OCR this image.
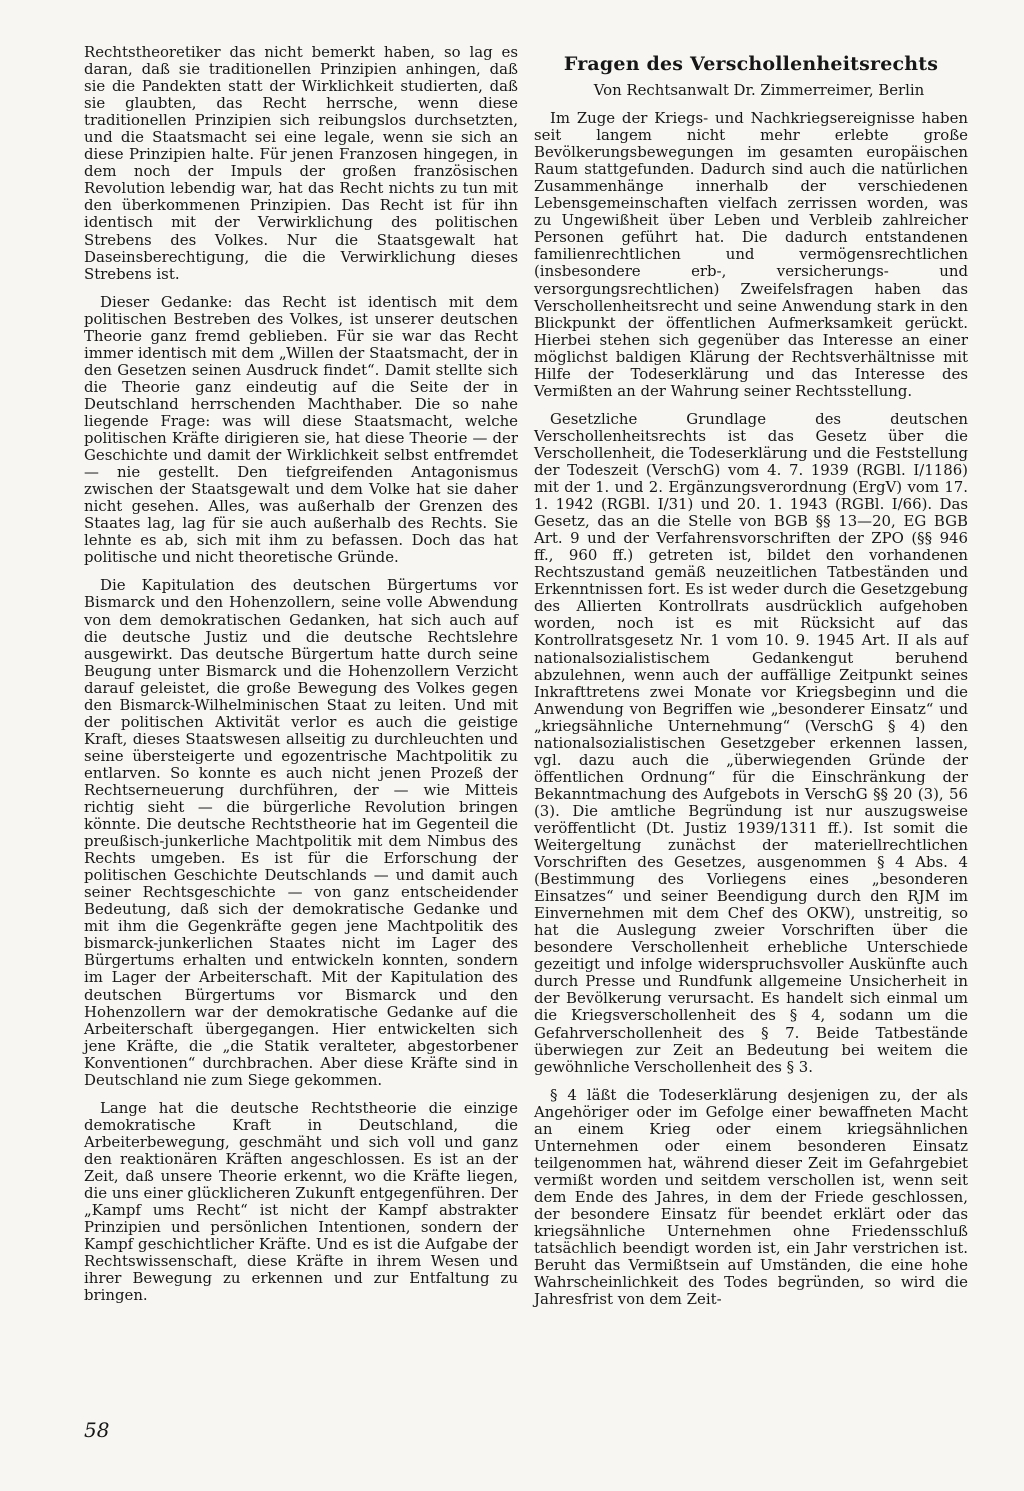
Rechtstheoretiker das nicht bemerkt haben, so lag es daran, daß sie traditionellen Prinzipien anhingen, daß sie die Pandekten statt der Wirklichkeit studierten, daß sie glaubten, das Recht herrsche, wenn diese traditionellen Prinzipien sich reibungslos durchsetzten, und die Staatsmacht sei eine legale, wenn sie sich an diese Prinzipien halte. Für jenen Franzosen hingegen, in dem noch der Impuls der großen französischen Revolution lebendig war, hat das Recht nichts zu tun mit den überkommenen Prinzipien. Das Recht ist für ihn identisch mit der Verwirklichung des politischen Strebens des Volkes. Nur die Staatsgewalt hat Daseinsberechtigung, die die Verwirklichung dieses Strebens ist.

Dieser Gedanke: das Recht ist identisch mit dem politischen Bestreben des Volkes, ist unserer deutschen Theorie ganz fremd geblieben. Für sie war das Recht immer identisch mit dem „Willen der Staatsmacht, der in den Gesetzen seinen Ausdruck findet“. Damit stellte sich die Theorie ganz eindeutig auf die Seite der in Deutschland herrschenden Machthaber. Die so nahe liegende Frage: was will diese Staatsmacht, welche politischen Kräfte dirigieren sie, hat diese Theorie — der Geschichte und damit der Wirklichkeit selbst entfremdet — nie gestellt. Den tiefgreifenden Antagonismus zwischen der Staatsgewalt und dem Volke hat sie daher nicht gesehen. Alles, was außerhalb der Grenzen des Staates lag, lag für sie auch außerhalb des Rechts. Sie lehnte es ab, sich mit ihm zu befassen. Doch das hat politische und nicht theoretische Gründe.

Die Kapitulation des deutschen Bürgertums vor Bismarck und den Hohenzollern, seine volle Abwendung von dem demokratischen Gedanken, hat sich auch auf die deutsche Justiz und die deutsche Rechtslehre ausgewirkt. Das deutsche Bürgertum hatte durch seine Beugung unter Bismarck und die Hohenzollern Verzicht darauf geleistet, die große Bewegung des Volkes gegen den Bismarck-Wilhelminischen Staat zu leiten. Und mit der politischen Aktivität verlor es auch die geistige Kraft, dieses Staatswesen allseitig zu durchleuchten und seine übersteigerte und egozentrische Machtpolitik zu entlarven. So konnte es auch nicht jenen Prozeß der Rechtserneuerung durchführen, der — wie Mitteis richtig sieht — die bürgerliche Revolution bringen könnte. Die deutsche Rechtstheorie hat im Gegenteil die preußisch-junkerliche Machtpolitik mit dem Nimbus des Rechts umgeben. Es ist für die Erforschung der politischen Geschichte Deutschlands — und damit auch seiner Rechtsgeschichte — von ganz entscheidender Bedeutung, daß sich der demokratische Gedanke und mit ihm die Gegenkräfte gegen jene Machtpolitik des bismarck-junkerlichen Staates nicht im Lager des Bürgertums erhalten und entwickeln konnten, sondern im Lager der Arbeiterschaft. Mit der Kapitulation des deutschen Bürgertums vor Bismarck und den Hohenzollern war der demokratische Gedanke auf die Arbeiterschaft übergegangen. Hier entwickelten sich jene Kräfte, die „die Statik veralteter, abgestorbener Konventionen“ durchbrachen. Aber diese Kräfte sind in Deutschland nie zum Siege gekommen.

Lange hat die deutsche Rechtstheorie die einzige demokratische Kraft in Deutschland, die Arbeiterbewegung, geschmäht und sich voll und ganz den reaktionären Kräften angeschlossen. Es ist an der Zeit, daß unsere Theorie erkennt, wo die Kräfte liegen, die uns einer glücklicheren Zukunft entgegenführen. Der „Kampf ums Recht“ ist nicht der Kampf abstrakter Prinzipien und persönlichen Intentionen, sondern der Kampf geschichtlicher Kräfte. Und es ist die Aufgabe der Rechtswissenschaft, diese Kräfte in ihrem Wesen und ihrer Bewegung zu erkennen und zur Entfaltung zu bringen.

Fragen des Verschollenheitsrechts

Von Rechtsanwalt Dr. Zimmerreimer, Berlin

Im Zuge der Kriegs- und Nachkriegsereignisse haben seit langem nicht mehr erlebte große Bevölkerungsbewegungen im gesamten europäischen Raum stattgefunden. Dadurch sind auch die natürlichen Zusammenhänge innerhalb der verschiedenen Lebensgemeinschaften vielfach zerrissen worden, was zu Ungewißheit über Leben und Verbleib zahlreicher Personen geführt hat. Die dadurch entstandenen familienrechtlichen und vermögensrechtlichen (insbesondere erb-, versicherungs- und versorgungsrechtlichen) Zweifelsfragen haben das Verschollenheitsrecht und seine Anwendung stark in den Blickpunkt der öffentlichen Aufmerksamkeit gerückt. Hierbei stehen sich gegenüber das Interesse an einer möglichst baldigen Klärung der Rechtsverhältnisse mit Hilfe der Todeserklärung und das Interesse des Vermißten an der Wahrung seiner Rechtsstellung.

Gesetzliche Grundlage des deutschen Verschollenheitsrechts ist das Gesetz über die Verschollenheit, die Todeserklärung und die Feststellung der Todeszeit (VerschG) vom 4. 7. 1939 (RGBl. I/1186) mit der 1. und 2. Ergänzungsverordnung (ErgV) vom 17. 1. 1942 (RGBl. I/31) und 20. 1. 1943 (RGBl. I/66). Das Gesetz, das an die Stelle von BGB §§ 13—20, EG BGB Art. 9 und der Verfahrensvorschriften der ZPO (§§ 946 ff., 960 ff.) getreten ist, bildet den vorhandenen Rechtszustand gemäß neuzeitlichen Tatbeständen und Erkenntnissen fort. Es ist weder durch die Gesetzgebung des Allierten Kontrollrats ausdrücklich aufgehoben worden, noch ist es mit Rücksicht auf das Kontrollratsgesetz Nr. 1 vom 10. 9. 1945 Art. II als auf nationalsozialistischem Gedankengut beruhend abzulehnen, wenn auch der auffällige Zeitpunkt seines Inkrafttretens zwei Monate vor Kriegsbeginn und die Anwendung von Begriffen wie „besonderer Einsatz“ und „kriegsähnliche Unternehmung“ (VerschG § 4) den nationalsozialistischen Gesetzgeber erkennen lassen, vgl. dazu auch die „überwiegenden Gründe der öffentlichen Ordnung“ für die Einschränkung der Bekanntmachung des Aufgebots in VerschG §§ 20 (3), 56 (3). Die amtliche Begründung ist nur auszugsweise veröffentlicht (Dt. Justiz 1939/1311 ff.). Ist somit die Weitergeltung zunächst der materiellrechtlichen Vorschriften des Gesetzes, ausgenommen § 4 Abs. 4 (Bestimmung des Vorliegens eines „besonderen Einsatzes“ und seiner Beendigung durch den RJM im Einvernehmen mit dem Chef des OKW), unstreitig, so hat die Auslegung zweier Vorschriften über die besondere Verschollenheit erhebliche Unterschiede gezeitigt und infolge widerspruchsvoller Auskünfte auch durch Presse und Rundfunk allgemeine Unsicherheit in der Bevölkerung verursacht. Es handelt sich einmal um die Kriegsverschollenheit des § 4, sodann um die Gefahrverschollenheit des § 7. Beide Tatbestände überwiegen zur Zeit an Bedeutung bei weitem die gewöhnliche Verschollenheit des § 3.

§ 4 läßt die Todeserklärung desjenigen zu, der als Angehöriger oder im Gefolge einer bewaffneten Macht an einem Krieg oder einem kriegsähnlichen Unternehmen oder einem besonderen Einsatz teilgenommen hat, während dieser Zeit im Gefahrgebiet vermißt worden und seitdem verschollen ist, wenn seit dem Ende des Jahres, in dem der Friede geschlossen, der besondere Einsatz für beendet erklärt oder das kriegsähnliche Unternehmen ohne Friedensschluß tatsächlich beendigt worden ist, ein Jahr verstrichen ist. Beruht das Vermißtsein auf Umständen, die eine hohe Wahrscheinlichkeit des Todes begründen, so wird die Jahresfrist von dem Zeit-

58
